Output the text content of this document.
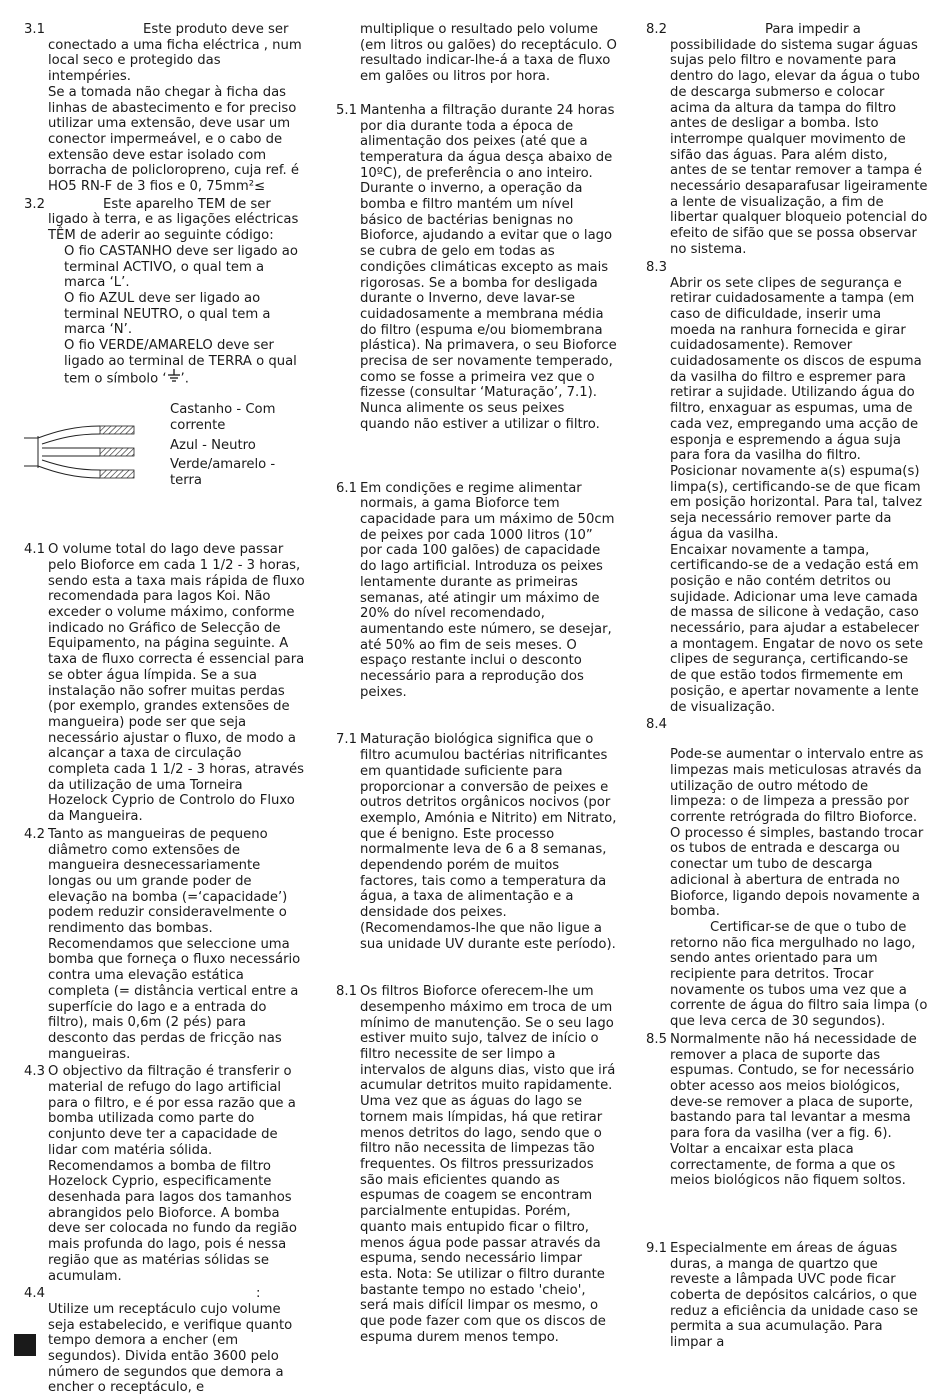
3.1	Este produto deve ser conectado a uma ficha eléctrica , num local seco e protegido das intempéries.

Se a tomada não chegar à ficha das linhas de abastecimento e for preciso utilizar uma extensão, deve usar um conector impermeável, e o cabo de extensão deve estar isolado com borracha de policloropreno, cuja ref. é HO5 RN-F de 3 fios e 0, 75mm²≤

3.2	Este aparelho TEM de ser ligado à terra, e as ligações eléctricas TÊM de aderir ao seguinte código:

O fio CASTANHO deve ser ligado ao terminal ACTIVO, o qual tem a marca ‘L’.

O fio AZUL deve ser ligado ao terminal NEUTRO, o qual tem a marca ‘N’.

O fio VERDE/AMARELO deve ser ligado ao terminal de TERRA o qual tem o símbolo ‘ ’.

Castanho - Com corrente
Azul - Neutro
Verde/amarelo - terra
4.1 O volume total do lago deve passar pelo Bioforce em cada 1 1/2 - 3 horas, sendo esta a taxa mais rápida de fluxo recomendada para lagos Koi. Não exceder o volume máximo, conforme indicado no Gráfico de Selecção de Equipamento, na página seguinte. A taxa de fluxo correcta é essencial para se obter água límpida. Se a sua instalação não sofrer muitas perdas (por exemplo, grandes extensões de mangueira) pode ser que seja necessário ajustar o fluxo, de modo a alcançar a taxa de circulação completa cada 1 1/2 - 3 horas, através da utilização de uma Torneira Hozelock Cyprio de Controlo do Fluxo da Mangueira.

4.2 Tanto as mangueiras de pequeno diâmetro como extensões de mangueira desnecessariamente longas ou um grande poder de elevação na bomba (=‘capacidade’) podem reduzir consideravelmente o rendimento das bombas. Recomendamos que seleccione uma bomba que forneça o fluxo necessário contra uma elevação estática completa (= distância vertical entre a superfície do lago e a entrada do filtro), mais 0,6m (2 pés) para desconto das perdas de fricção nas mangueiras.

4.3 O objectivo da filtração é transferir o material de refugo do lago artificial para o filtro, e é por essa razão que a bomba utilizada como parte do conjunto deve ter a capacidade de lidar com matéria sólida. Recomendamos a bomba de filtro Hozelock Cyprio, especificamente desenhada para lagos dos tamanhos abrangidos pelo Bioforce. A bomba deve ser colocada no fundo da região mais profunda do lago, pois é nessa região que as matérias sólidas se acumulam.

4.4	:

Utilize um receptáculo cujo volume seja estabelecido, e verifique quanto tempo demora a encher (em segundos). Divida então 3600 pelo número de segundos que demora a encher o receptáculo, e

multiplique o resultado pelo volume (em litros ou galões) do receptáculo. O resultado indicar-lhe-á a taxa de fluxo em galões ou litros por hora.

5.1 Mantenha a filtração durante 24 horas por dia durante toda a época de alimentação dos peixes (até que a temperatura da água desça abaixo de 10ºC), de preferência o ano inteiro. Durante o inverno, a operação da bomba e filtro mantém um nível básico de bactérias benignas no Bioforce, ajudando a evitar que o lago se cubra de gelo em todas as condições climáticas excepto as mais rigorosas. Se a bomba for desligada durante o Inverno, deve lavar-se cuidadosamente a membrana média do filtro (espuma e/ou biomembrana plástica). Na primavera, o seu Bioforce precisa de ser novamente temperado, como se fosse a primeira vez que o fizesse (consultar ‘Maturação’, 7.1). Nunca alimente os seus peixes quando não estiver a utilizar o filtro.

6.1 Em condições e regime alimentar normais, a gama Bioforce tem capacidade para um máximo de 50cm de peixes por cada 1000 litros (10” por cada 100 galões) de capacidade do lago artificial. Introduza os peixes lentamente durante as primeiras semanas, até atingir um máximo de 20% do nível recomendado, aumentando este número, se desejar, até 50% ao fim de seis meses. O espaço restante inclui o desconto necessário para a reprodução dos peixes.

7.1 Maturação biológica significa que o filtro acumulou bactérias nitrificantes em quantidade suficiente para proporcionar a conversão de peixes e outros detritos orgânicos nocivos (por exemplo, Amónia e Nitrito) em Nitrato, que é benigno. Este processo normalmente leva de 6 a 8 semanas, dependendo porém de muitos factores, tais como a temperatura da água, a taxa de alimentação e a densidade dos peixes. (Recomendamos-lhe que não ligue a sua unidade UV durante este período).

8.1 Os filtros Bioforce oferecem-lhe um desempenho máximo em troca de um mínimo de manutenção. Se o seu lago estiver muito sujo, talvez de início o filtro necessite de ser limpo a intervalos de alguns dias, visto que irá acumular detritos muito rapidamente. Uma vez que as águas do lago se tornem mais límpidas, há que retirar menos detritos do lago, sendo que o filtro não necessita de limpezas tão frequentes. Os filtros pressurizados são mais eficientes quando as espumas de coagem se encontram parcialmente entupidas. Porém, quanto mais entupido ficar o filtro, menos água pode passar através da espuma, sendo necessário limpar esta. Nota: Se utilizar o filtro durante bastante tempo no estado 'cheio', será mais difícil limpar os mesmo, o que pode fazer com que os discos de espuma durem menos tempo.

8.2	Para impedir a possibilidade do sistema sugar águas sujas pelo filtro e novamente para dentro do lago, elevar da água o tubo de descarga submerso e colocar acima da altura da tampa do filtro antes de desligar a bomba. Isto interrompe qualquer movimento de sifão das águas. Para além disto, antes de se tentar remover a tampa é necessário desaparafusar ligeiramente a lente de visualização, a fim de libertar qualquer bloqueio potencial do efeito de sifão que se possa observar no sistema.

8.3

Abrir os sete clipes de segurança e retirar cuidadosamente a tampa (em caso de dificuldade, inserir uma moeda na ranhura fornecida e girar cuidadosamente). Remover cuidadosamente os discos de espuma da vasilha do filtro e espremer para retirar a sujidade. Utilizando água do filtro, enxaguar as espumas, uma de cada vez, empregando uma acção de esponja e espremendo a água suja para fora da vasilha do filtro. Posicionar novamente a(s) espuma(s) limpa(s), certificando-se de que ficam em posição horizontal. Para tal, talvez seja necessário remover parte da água da vasilha.

Encaixar novamente a tampa, certificando-se de a vedação está em posição e não contém detritos ou sujidade. Adicionar uma leve camada de massa de silicone à vedação, caso necessário, para ajudar a estabelecer a montagem. Engatar de novo os sete clipes de segurança, certificando-se de que estão todos firmemente em posição, e apertar novamente a lente de visualização.

8.4

Pode-se aumentar o intervalo entre as limpezas mais meticulosas através da utilização de outro método de limpeza: o de limpeza a pressão por corrente retrógrada do filtro Bioforce. O processo é simples, bastando trocar os tubos de entrada e descarga ou conectar um tubo de descarga adicional à abertura de entrada no Bioforce, ligando depois novamente a bomba.

Certificar-se de que o tubo de retorno não fica mergulhado no lago, sendo antes orientado para um recipiente para detritos. Trocar novamente os tubos uma vez que a corrente de água do filtro saia limpa (o que leva cerca de 30 segundos).

8.5 Normalmente não há necessidade de remover a placa de suporte das espumas. Contudo, se for necessário obter acesso aos meios biológicos, deve-se remover a placa de suporte, bastando para tal levantar a mesma para fora da vasilha (ver a fig. 6). Voltar a encaixar esta placa correctamente, de forma a que os meios biológicos não fiquem soltos.

9.1 Especialmente em áreas de águas duras, a manga de quartzo que reveste a lâmpada UVC pode ficar coberta de depósitos calcários, o que reduz a eficiência da unidade caso se permita a sua acumulação. Para limpar a
